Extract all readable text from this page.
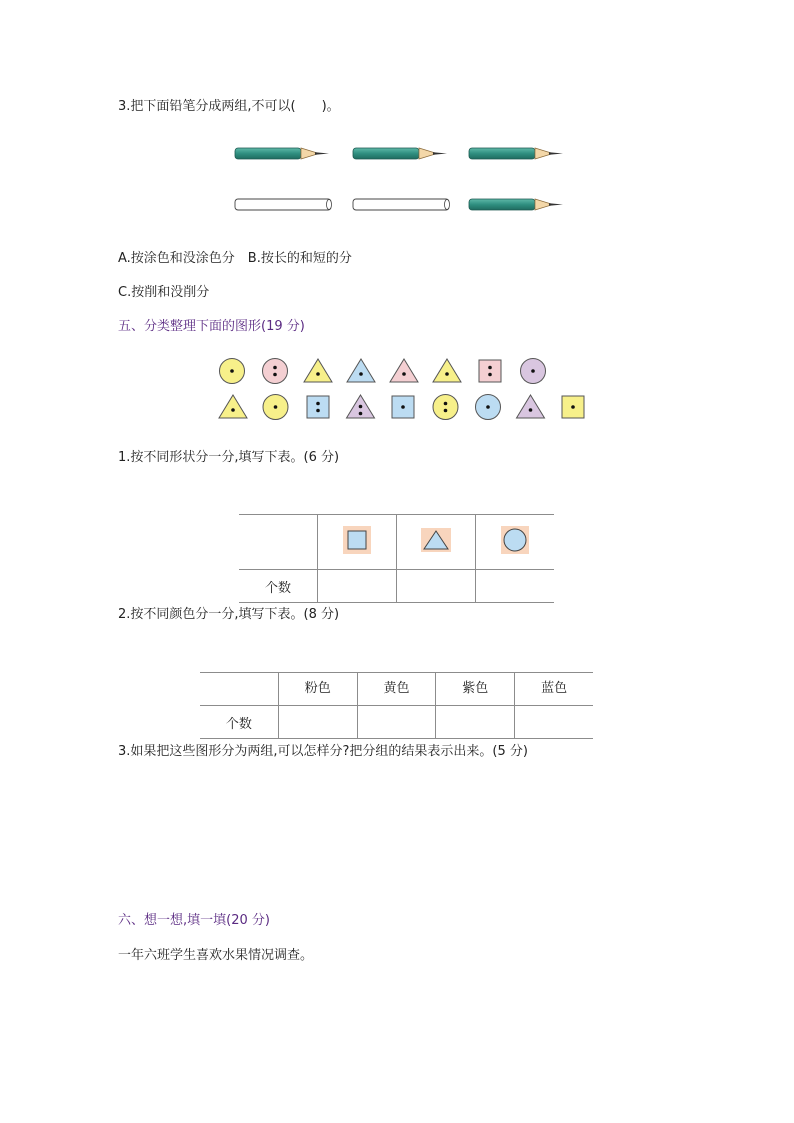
3.把下面铅笔分成两组,不可以(　　)。
A.按涂色和没涂色分　B.按长的和短的分
C.按削和没削分
五、分类整理下面的图形(19 分)
1.按不同形状分一分,填写下表。(6 分)

个数			
2.按不同颜色分一分,填写下表。(8 分)
	粉色	黄色	紫色	蓝色
个数				
3.如果把这些图形分为两组,可以怎样分?把分组的结果表示出来。(5 分)
六、想一想,填一填(20 分)
一年六班学生喜欢水果情况调查。
